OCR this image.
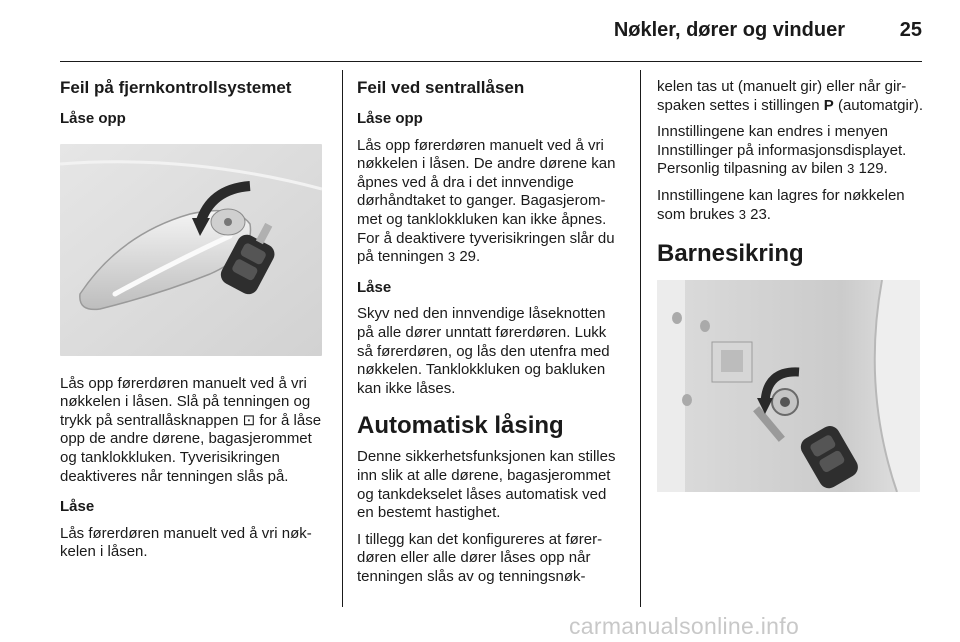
Nøkler, dører og vinduer	25
Feil på fjernkontrollsystemet

Låse opp

Lås opp førerdøren manuelt ved å vri nøkkelen i låsen. Slå på tenningen og trykk på sentrallåsknappen ⊡ for å låse opp de andre dørene, bagasjerommet og tanklokkluken. Tyverisikringen deaktiveres når tenningen slås på.

Låse

Lås førerdøren manuelt ved å vri nøkkelen i låsen.

Feil ved sentrallåsen

Låse opp

Lås opp førerdøren manuelt ved å vri nøkkelen i låsen. De andre dørene kan åpnes ved å dra i det innvendige dørhåndtaket to ganger. Bagasjerommet og tanklokkluken kan ikke åpnes. For å deaktivere tyverisikringen slår du på tenningen 3 29.

Låse

Skyv ned den innvendige låseknotten på alle dører unntatt førerdøren. Lukk så førerdøren, og lås den utenfra med nøkkelen. Tanklokkluken og bakluken kan ikke låses.

Automatisk låsing

Denne sikkerhetsfunksjonen kan stilles inn slik at alle dørene, bagasjerommet og tankdekselet låses automatisk ved en bestemt hastighet.

I tillegg kan det konfigureres at førerdøren eller alle dører låses opp når tenningen slås av og tenningsnøk-

kelen tas ut (manuelt gir) eller når girspaken settes i stillingen P (automatgir).

Innstillingene kan endres i menyen Innstillinger på informasjonsdisplayet. Personlig tilpasning av bilen 3 129.

Innstillingene kan lagres for nøkkelen som brukes 3 23.

Barnesikring
carmanualsonline.info
